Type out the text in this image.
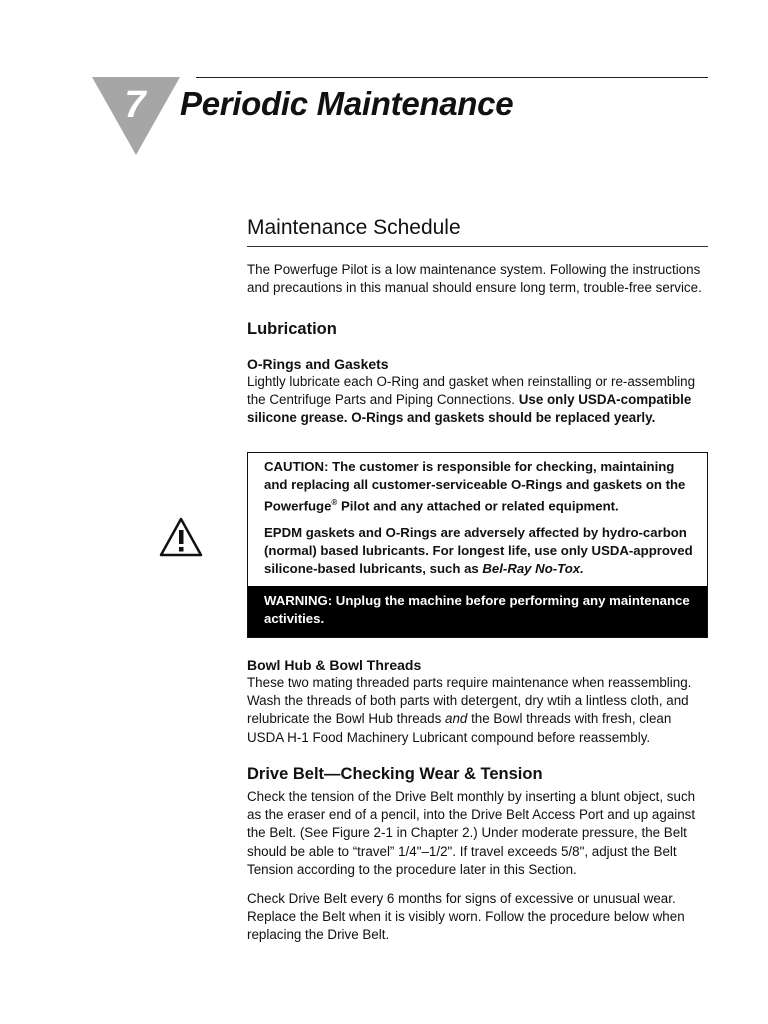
7 Periodic Maintenance
Maintenance Schedule

The Powerfuge Pilot is a low maintenance system. Following the instructions and precautions in this manual should ensure long term, trouble-free service.

Lubrication
O-Rings and Gaskets

Lightly lubricate each O-Ring and gasket when reinstalling or re-assembling the Centrifuge Parts and Piping Connections. Use only USDA-compatible silicone grease. O-Rings and gaskets should be replaced yearly.

CAUTION: The customer is responsible for checking, maintaining and replacing all customer-serviceable O-Rings and gaskets on the Powerfuge® Pilot and any attached or related equipment.

EPDM gaskets and O-Rings are adversely affected by hydro-carbon (normal) based lubricants. For longest life, use only USDA-approved silicone-based lubricants, such as Bel-Ray No-Tox.

WARNING: Unplug the machine before performing any maintenance activities.

Bowl Hub & Bowl Threads

These two mating threaded parts require maintenance when reassembling. Wash the threads of both parts with detergent, dry wtih a lintless cloth, and relubricate the Bowl Hub threads and the Bowl threads with fresh, clean USDA H-1 Food Machinery Lubricant compound before reassembly.

Drive Belt—Checking Wear & Tension

Check the tension of the Drive Belt monthly by inserting a blunt object, such as the eraser end of a pencil, into the Drive Belt Access Port and up against the Belt. (See Figure 2-1 in Chapter 2.) Under moderate pressure, the Belt should be able to “travel” 1/4"–1/2". If travel exceeds 5/8", adjust the Belt Tension according to the procedure later in this Section.

Check Drive Belt every 6 months for signs of excessive or unusual wear. Replace the Belt when it is visibly worn. Follow the procedure below when replacing the Drive Belt.
